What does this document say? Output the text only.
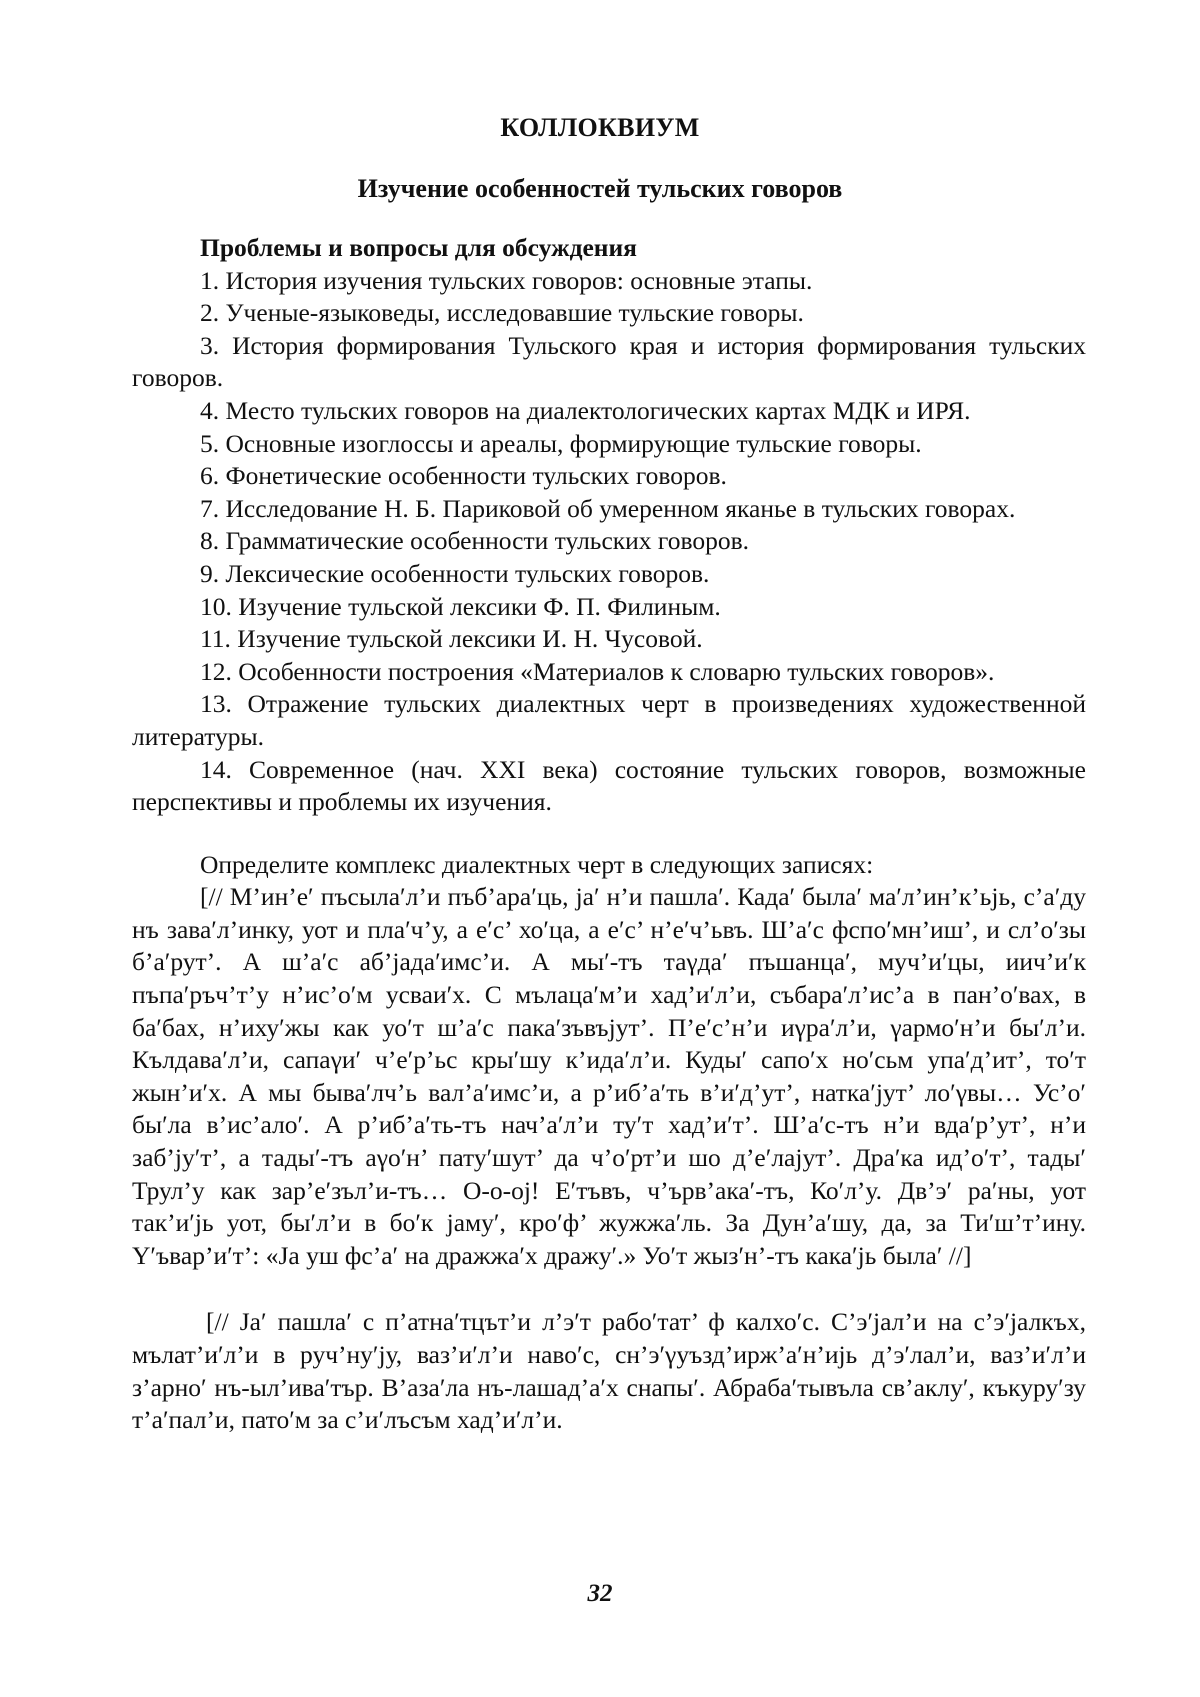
КОЛЛОКВИУМ
Изучение особенностей тульских говоров

Проблемы и вопросы для обсуждения

1. История изучения тульских говоров: основные этапы.

2. Ученые-языковеды, исследовавшие тульские говоры.

3. История формирования Тульского края и история формирования тульских говоров.

4. Место тульских говоров на диалектологических картах МДК и ИРЯ.

5. Основные изоглоссы и ареалы, формирующие тульские говоры.

6. Фонетические особенности тульских говоров.

7. Исследование Н. Б. Париковой об умеренном яканье в тульских говорах.

8. Грамматические особенности тульских говоров.

9. Лексические особенности тульских говоров.

10. Изучение тульской лексики Ф. П. Филиным.

11. Изучение тульской лексики И. Н. Чусовой.

12. Особенности построения «Материалов к словарю тульских говоров».

13. Отражение тульских диалектных черт в произведениях художественной литературы.

14. Современное (нач. XXI века) состояние тульских говоров, возможные перспективы и проблемы их изучения.

Определите комплекс диалектных черт в следующих записях:

[// М’ин’е′ пъсыла′л’и пъб’ара′ць, jа′ н’и пашла′. Када′ была′ ма′л’ин’к’ьjь, с’а′ду нъ зава′л’инку, уот и пла′ч’у, а е′с’ хо′ца, а е′с’ н’е′ч’ьвъ. Ш’а′с фспо′мн’иш’, и сл’о′зы б’а′рут’. А ш’а′с аб’jада′имс’и. А мы′-тъ таγда′ пъшанца′, муч’и′цы, иич’и′к пъпа′ръч’т’у н’ис’о′м усваи′х. С мълаца′м’и хад’и′л’и, събара′л’ис’а в пан’о′вах, в ба′бах, н’иху′жы как уо′т ш’а′с пака′зъвъjут’. П’е′с’н’и иγра′л’и, γармо′н’и бы′л’и. Кълдава′л’и, сапаγи′ ч’е′р’ьс кры′шу к’ида′л’и. Куды′ сапо′х но′сьм упа′д’ит’, то′т жын’и′х. А мы бываʹлч’ь вал’а′имс’и, а р’иб’а′ть в’и′д’ут’, натка′jут’ ло′γвы… Ус’о′ бы′ла в’ис’ало′. А р’иб’а′ть-тъ нач’а′л’и ту′т хад’и′т’. Ш’а′с-тъ н’и вда′р’ут’, н’и заб’jу′т’, а тады′-тъ аγо′н’ пату′шут’ да ч’о′рт’и шо д’е′лаjут’. Дра′ка ид’о′т’, тады′ Трул’у как зар’е′зъл’и-тъ… О-о-оj! Е′тъвъ, ч’ърв’ака′-тъ, Ко′л’у. Дв’э′ ра′ны, уот так’и′jь уот, бы′л’и в бо′к jаму′, кро′ф’ жужжа′ль. За Дун’а′шу, да, за Ти′ш’т’ину. Ү′ъвар’и′т’: «Jа уш фс’а′ на дражжа′х дражу′.» Уо′т жыз′н’-тъ кака′jь была′ //]

[// Jа′ пашла′ с п’атна′тцът’и л’э′т рабо′тат’ ф калхо′с. С’э′jал’и на с’э′jалкъх, мълат’и′л’и в руч’ну′jу, ваз’и′л’и наво′с, сн’э′γуъзд’ирж’а′н’иjь д’э′лал’и, ваз’и′л’и з’арно′ нъ-ыл’ива′тър. В’аза′ла нъ-лашад’а′х снапы′. Абраба′тывъла св’аклу′, къкуру′зу т’а′пал’и, пато′м за с’и′лъсъм хад’и′л’и.

32
